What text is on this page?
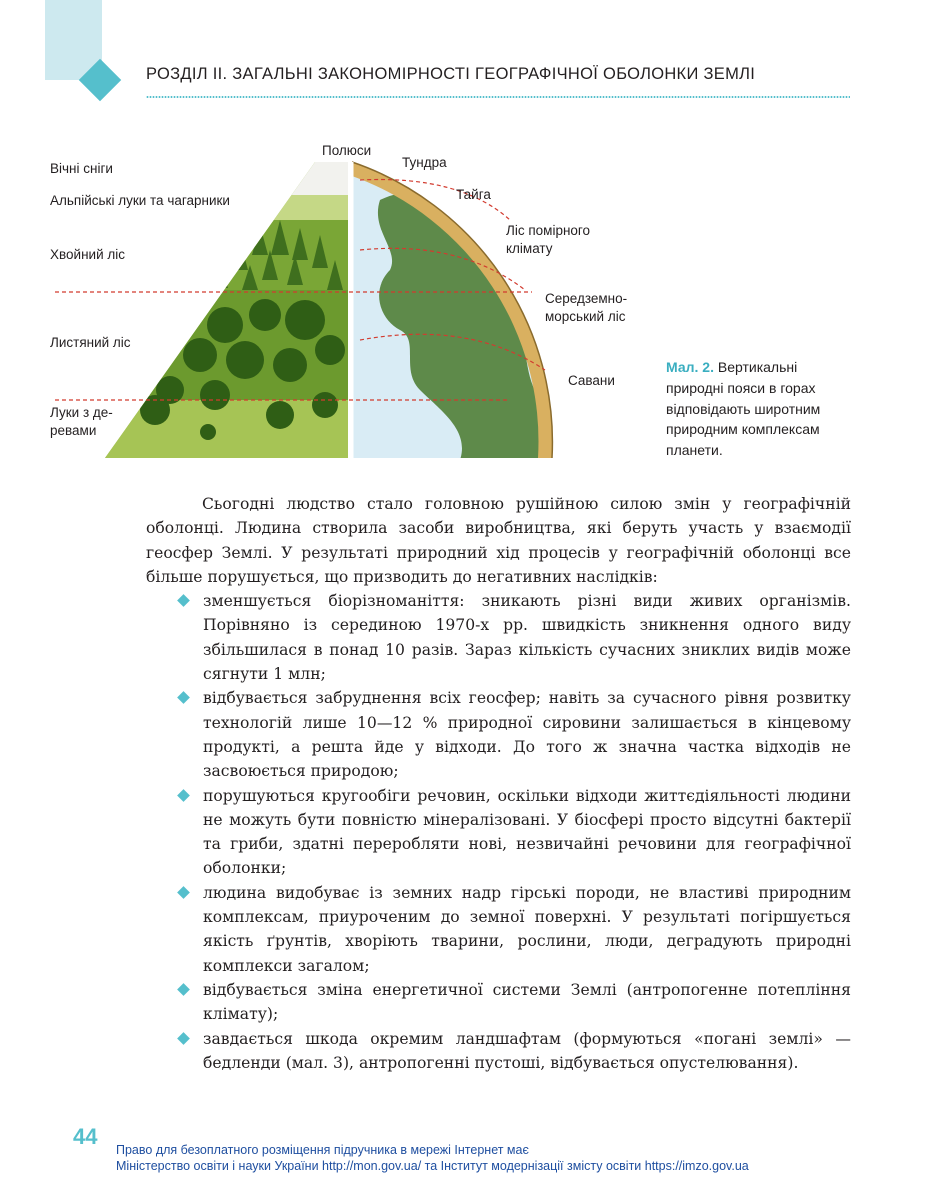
РОЗДІЛ ІІ. ЗАГАЛЬНІ ЗАКОНОМІРНОСТІ ГЕОГРАФІЧНОЇ ОБОЛОНКИ ЗЕМЛІ
Вічні сніги
Альпійські луки та чагарники
Хвойний ліс
Листяний ліс
Луки з де-
ревами
Полюси
Тундра
Тайга
Ліс помірного
клімату
Середземно-
морський ліс
Савани
Мал. 2. Вертикальні природні пояси в горах відповідають широтним природним комплексам планети.

Сьогодні людство стало головною рушійною силою змін у географічній оболонці. Людина створила засоби виробництва, які беруть участь у взаємодії геосфер Землі. У результаті природний хід процесів у географічній оболонці все більше порушується, що призводить до негативних наслідків:

зменшується біорізноманіття: зникають різні види живих організмів. Порівняно із серединою 1970-х рр. швидкість зникнення одного виду збільшилася в понад 10 разів. Зараз кількість сучасних зниклих видів може сягнути 1 млн;
відбувається забруднення всіх геосфер; навіть за сучасного рівня розвитку технологій лише 10—12 % природної сировини залишається в кінцевому продукті, а решта йде у відходи. До того ж значна частка відходів не засвоюється природою;
порушуються кругообіги речовин, оскільки відходи життєдіяльності людини не можуть бути повністю мінералізовані. У біосфері просто відсутні бактерії та гриби, здатні переробляти нові, незвичайні речовини для географічної оболонки;
людина видобуває із земних надр гірські породи, не властиві природним комплексам, приуроченим до земної поверхні. У результаті погіршується якість ґрунтів, хворіють тварини, рослини, люди, деградують природні комплекси загалом;
відбувається зміна енергетичної системи Землі (антропогенне потепління клімату);
завдається шкода окремим ландшафтам (формуються «погані землі» — бедленди (мал. 3), антропогенні пустоші, відбувається опустелювання).
44
Право для безоплатного розміщення підручника в мережі Інтернет має
Міністерство освіти і науки України http://mon.gov.ua/ та Інститут модернізації змісту освіти https://imzo.gov.ua
